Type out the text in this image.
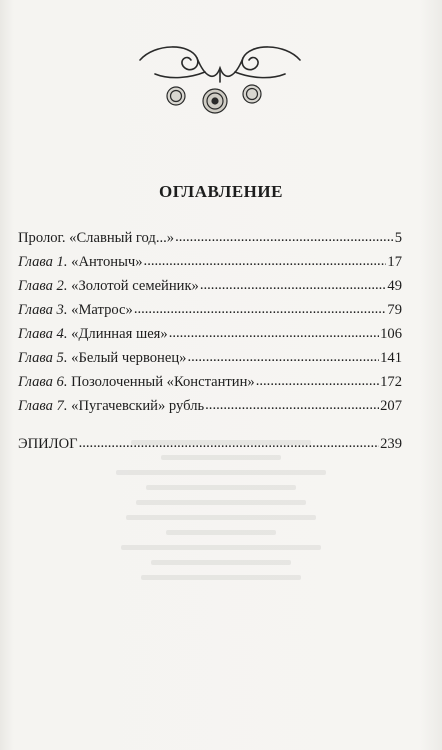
ОГЛАВЛЕНИЕ
Пролог. «Славный год...» .....	5
Глава 1. «Антоныч» .....	17
Глава 2. «Золотой семейник» .....	49
Глава 3. «Матрос» .....	79
Глава 4. «Длинная шея» .....	106
Глава 5. «Белый червонец» .....	141
Глава 6. Позолоченный «Константин» .....	172
Глава 7. «Пугачевский» рубль .....	207
ЭПИЛОГ .....	239
